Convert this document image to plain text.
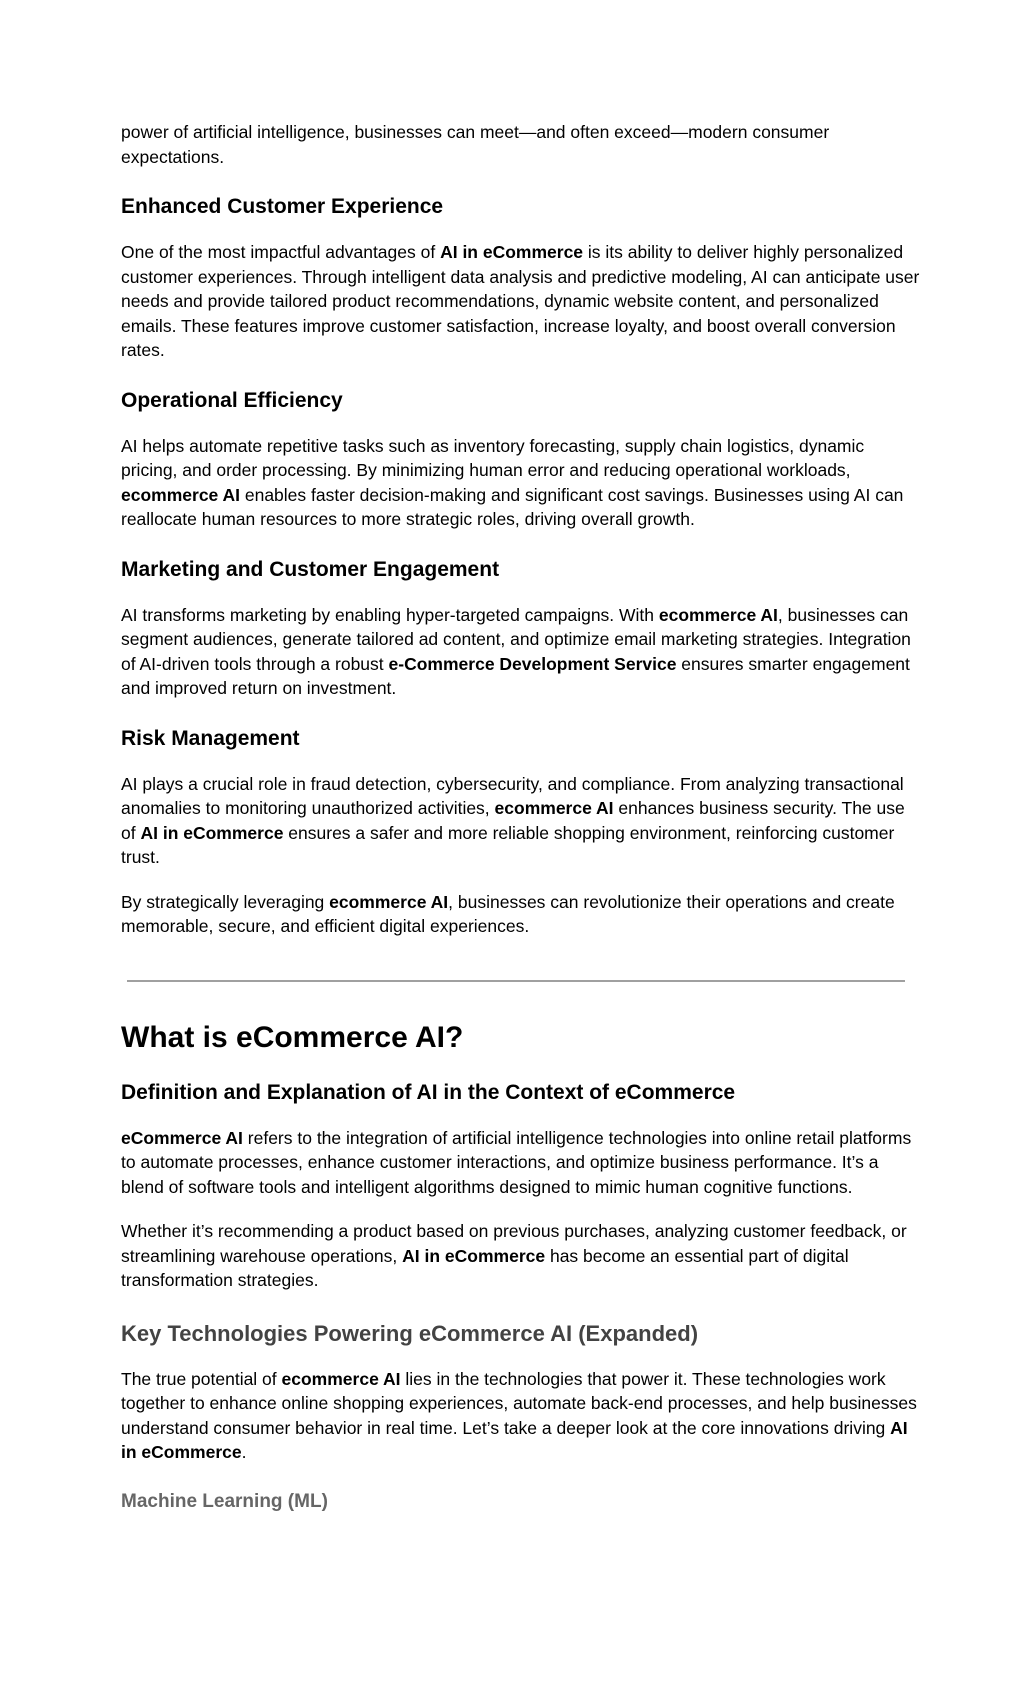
power of artificial intelligence, businesses can meet—and often exceed—modern consumer expectations.

Enhanced Customer Experience

One of the most impactful advantages of AI in eCommerce is its ability to deliver highly personalized customer experiences. Through intelligent data analysis and predictive modeling, AI can anticipate user needs and provide tailored product recommendations, dynamic website content, and personalized emails. These features improve customer satisfaction, increase loyalty, and boost overall conversion rates.

Operational Efficiency

AI helps automate repetitive tasks such as inventory forecasting, supply chain logistics, dynamic pricing, and order processing. By minimizing human error and reducing operational workloads, ecommerce AI enables faster decision-making and significant cost savings. Businesses using AI can reallocate human resources to more strategic roles, driving overall growth.

Marketing and Customer Engagement

AI transforms marketing by enabling hyper-targeted campaigns. With ecommerce AI, businesses can segment audiences, generate tailored ad content, and optimize email marketing strategies. Integration of AI-driven tools through a robust e-Commerce Development Service ensures smarter engagement and improved return on investment.

Risk Management

AI plays a crucial role in fraud detection, cybersecurity, and compliance. From analyzing transactional anomalies to monitoring unauthorized activities, ecommerce AI enhances business security. The use of AI in eCommerce ensures a safer and more reliable shopping environment, reinforcing customer trust.

By strategically leveraging ecommerce AI, businesses can revolutionize their operations and create memorable, secure, and efficient digital experiences.

What is eCommerce AI?
Definition and Explanation of AI in the Context of eCommerce

eCommerce AI refers to the integration of artificial intelligence technologies into online retail platforms to automate processes, enhance customer interactions, and optimize business performance. It’s a blend of software tools and intelligent algorithms designed to mimic human cognitive functions.

Whether it’s recommending a product based on previous purchases, analyzing customer feedback, or streamlining warehouse operations, AI in eCommerce has become an essential part of digital transformation strategies.

Key Technologies Powering eCommerce AI (Expanded)

The true potential of ecommerce AI lies in the technologies that power it. These technologies work together to enhance online shopping experiences, automate back-end processes, and help businesses understand consumer behavior in real time. Let’s take a deeper look at the core innovations driving AI in eCommerce.

Machine Learning (ML)
